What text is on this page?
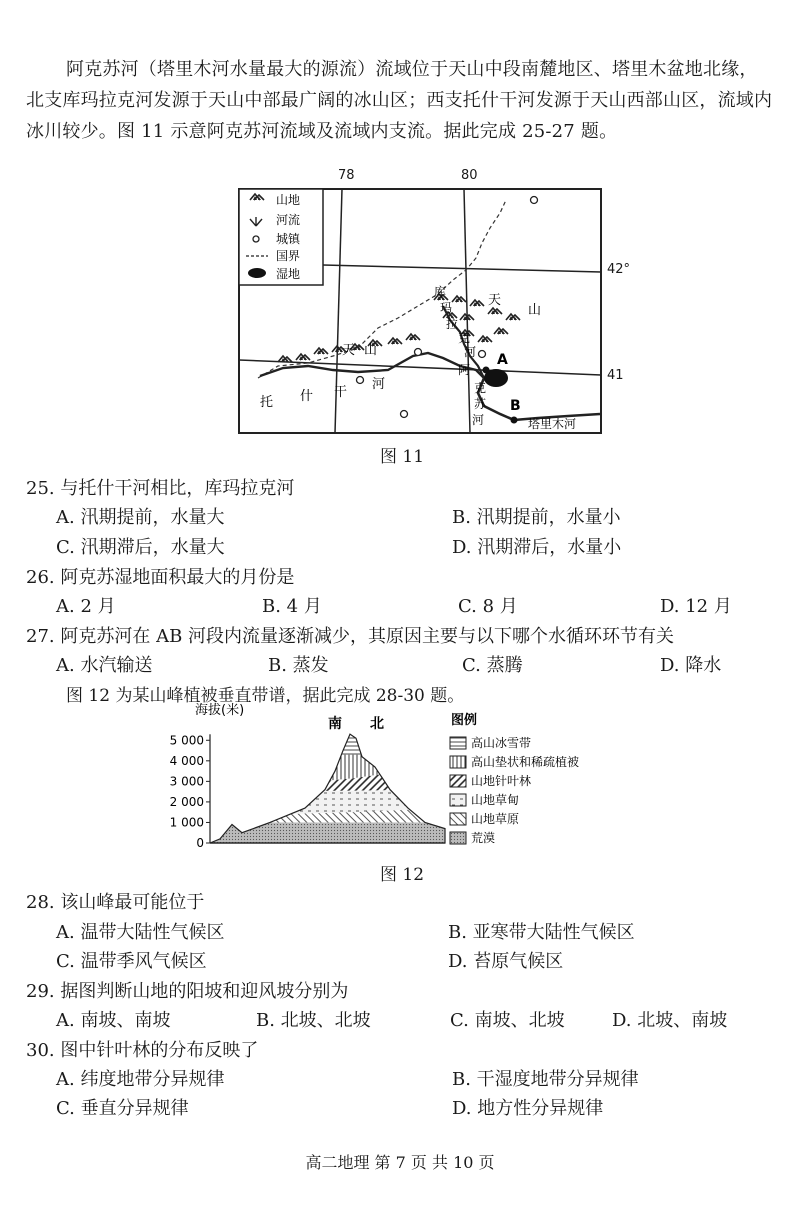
阿克苏河（塔里木河水量最大的源流）流域位于天山中段南麓地区、塔里木盆地北缘，北支库玛拉克河发源于天山中部最广阔的冰山区；西支托什干河发源于天山西部山区，流域内冰川较少。图 11 示意阿克苏河流域及流域内支流。据此完成 25-27 题。
山地
河流
城镇
国界
湿地
天
山
天 山
库
玛
拉
克
河
托 什 干
河
阿
克
苏
河
A
B
塔里木河
78	80
42°
41
图 11
25. 与托什干河相比，库玛拉克河
A. 汛期提前，水量大	B. 汛期提前，水量小
C. 汛期滞后，水量大	D. 汛期滞后，水量小
26. 阿克苏湿地面积最大的月份是
A. 2 月	B. 4 月	C. 8 月	D. 12 月
27. 阿克苏河在 AB 河段内流量逐渐减少，其原因主要与以下哪个水循环环节有关
A. 水汽输送	B. 蒸发	C. 蒸腾	D. 降水
图 12 为某山峰植被垂直带谱，据此完成 28-30 题。
海拔(米)
5 000
4 000
3 000
2 000
1 000
0
南 北	图例
高山冰雪带
高山垫状和稀疏植被
山地针叶林
山地草甸
山地草原
荒漠
图 12
28. 该山峰最可能位于
A. 温带大陆性气候区	B. 亚寒带大陆性气候区
C. 温带季风气候区	D. 苔原气候区
29. 据图判断山地的阳坡和迎风坡分别为
A. 南坡、南坡	B. 北坡、北坡	C. 南坡、北坡	D. 北坡、南坡
30. 图中针叶林的分布反映了
A. 纬度地带分异规律	B. 干湿度地带分异规律
C. 垂直分异规律	D. 地方性分异规律
高二地理 第 7 页 共 10 页
